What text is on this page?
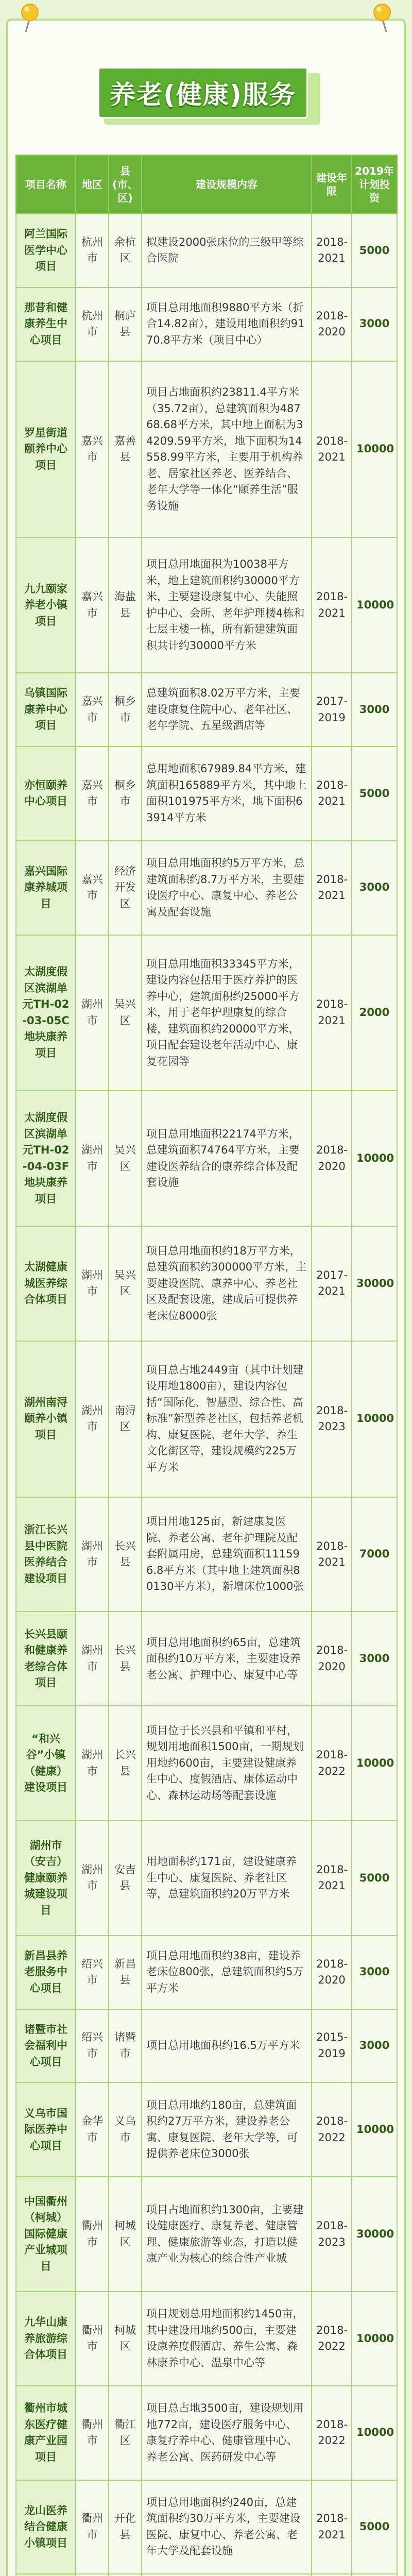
养老(健康)服务
项目名称	地区	县(市、区)	建设规模内容	建设年限	2019年计划投资
阿兰国际医学中心项目	杭州市	余杭区	拟建设2000张床位的三级甲等综合医院	2018-2021	5000
那昔和健康养生中心项目	杭州市	桐庐县	项目总用地面积9880平方米（折合14.82亩），建设用地面积约9170.8平方米（项目中心）	2018-2020	3000
罗星街道颐养中心项目	嘉兴市	嘉善县	项目占地面积约23811.4平方米（35.72亩），总建筑面积为48768.68平方米，其中地上面积为34209.59平方米，地下面积为14558.99平方米，主要用于机构养老、居家社区养老、医养结合、老年大学等一体化“颐养生活”服务设施	2018-2021	10000
九九颐家养老小镇项目	嘉兴市	海盐县	项目总用地面积为10038平方米，地上建筑面积约30000平方米，主要建设康复中心、失能照护中心、会所、老年护理楼4栋和七层主楼一栋，所有新建建筑面积共计约30000平方米	2018-2021	10000
乌镇国际康养中心项目	嘉兴市	桐乡市	总建筑面积8.02万平方米，主要建设康复住院中心、老年社区、老年学院、五星级酒店等	2017-2019	3000
亦恒颐养中心项目	嘉兴市	桐乡市	总用地面积67989.84平方米，建筑面积165889平方米，其中地上面积101975平方米，地下面积63914平方米	2018-2021	5000
嘉兴国际康养城项目	嘉兴市	经济开发区	项目总用地面积约5万平方米，总建筑面积约8.7万平方米，主要建设医疗中心、康复中心、养老公寓及配套设施	2018-2021	3000
太湖度假区滨湖单元TH-02-03-05C地块康养项目	湖州市	吴兴区	项目总用地面积33345平方米，建设内容包括用于医疗养护的医养中心，建筑面积约25000平方米，用于老年护理康复的综合楼，建筑面积约20000平方米，项目配套建设老年活动中心、康复花园等	2018-2021	2000
太湖度假区滨湖单元TH-02-04-03F地块康养项目	湖州市	吴兴区	项目总用地面积22174平方米，总建筑面积74764平方米，主要建设医养结合的康养综合体及配套设施	2018-2020	10000
太湖健康城医养综合体项目	湖州市	吴兴区	项目总用地面积约18万平方米，总建筑面积约300000平方米，主要建设医院、康养中心、养老社区及配套设施，建成后可提供养老床位8000张	2017-2021	30000
湖州南浔颐养小镇项目	湖州市	南浔区	项目总占地2449亩（其中计划建设用地1800亩），建设内容包括“国际化、智慧型、综合性、高标准”新型养老社区，包括养老机构、康复医院、老年大学、养生文化街区等，建设规模约225万平方米	2018-2023	10000
浙江长兴县中医院医养结合建设项目	湖州市	长兴县	项目用地125亩，新建康复医院、养老公寓、老年护理院及配套附属用房，总建筑面积111596.8平方米（其中地上建筑面积80130平方米），新增床位1000张	2018-2021	7000
长兴县颐和健康养老综合体项目	湖州市	长兴县	项目总用地面积约65亩，总建筑面积约10万平方米，主要建设养老公寓、护理中心、康复中心等	2018-2020	3000
“和兴谷”小镇（健康）建设项目	湖州市	长兴县	项目位于长兴县和平镇和平村，规划用地面积1500亩，一期规划用地约600亩，主要建设健康养生中心、度假酒店、康体运动中心、森林运动场等配套设施	2018-2022	10000
湖州市（安吉）健康颐养城建设项目	湖州市	安吉县	用地面积约171亩，建设健康养生中心、康复医院、养老社区等，总建筑面积约20万平方米	2018-2021	5000
新昌县养老服务中心项目	绍兴市	新昌县	项目总用地面积约38亩，建设养老床位800张，总建筑面积约5万平方米	2018-2020	3000
诸暨市社会福利中心项目	绍兴市	诸暨市	项目总用地面积约16.5万平方米	2015-2019	3000
义乌市国际医养中心项目	金华市	义乌市	项目总用地约180亩，总建筑面积约27万平方米，建设养老公寓、康复医院、老年大学等，可提供养老床位3000张	2018-2022	10000
中国衢州（柯城）国际健康产业城项目	衢州市	柯城区	项目占地面积约1300亩，主要建设健康医疗、康复养老、健康管理、健康旅游等业态，打造以健康产业为核心的综合性产业城	2018-2023	30000
九华山康养旅游综合体项目	衢州市	柯城区	项目规划总用地面积约1450亩，其中建设用地约500亩，主要建设康养度假酒店、养生公寓、森林康养中心、温泉中心等	2018-2022	10000
衢州市城东医疗健康产业园项目	衢州市	衢江区	项目总占地3500亩，建设规划用地772亩，建设医疗服务中心、康复疗养中心、健康管理中心、养老公寓、医药研发中心等	2018-2022	10000
龙山医养结合健康小镇项目	衢州市	开化县	项目总用地面积约240亩，总建筑面积约30万平方米，主要建设医院、康复中心、养老公寓、老年大学及配套设施	2018-2021	5000
